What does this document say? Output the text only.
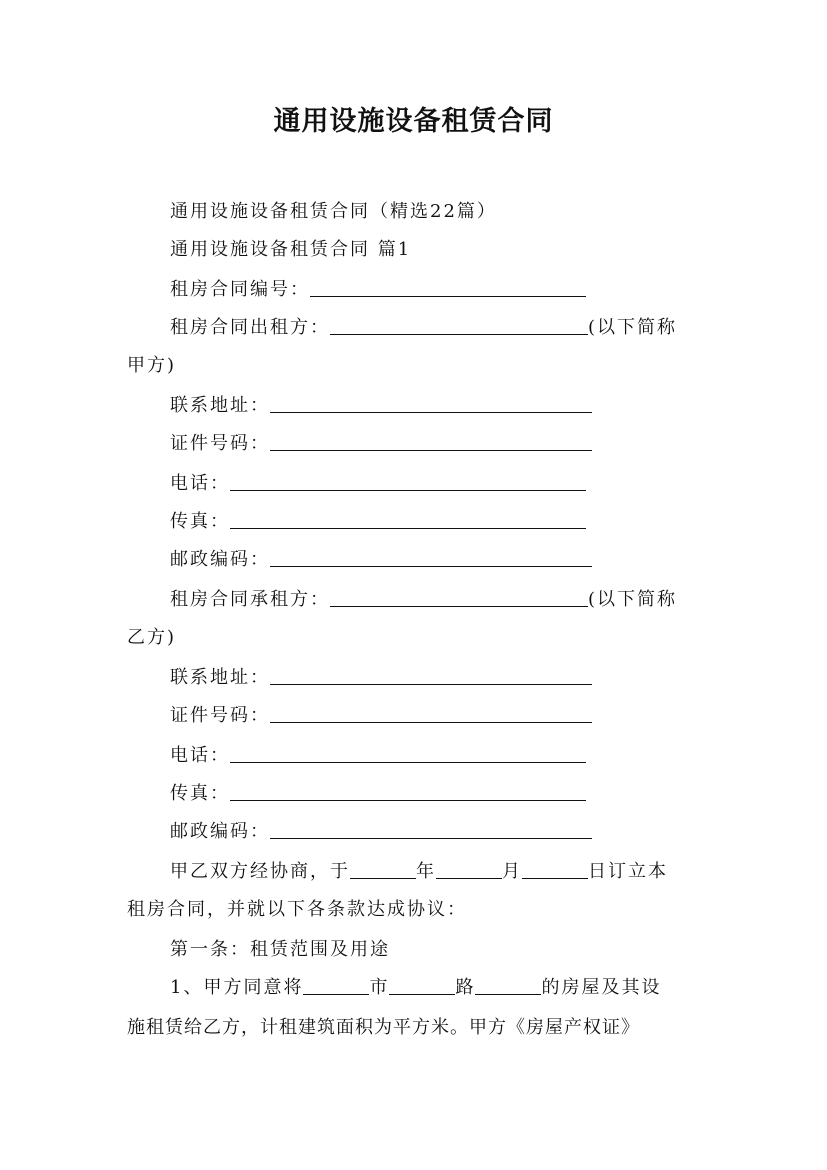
通用设施设备租赁合同
通用设施设备租赁合同（精选22篇）
通用设施设备租赁合同 篇1
租房合同编号：
租房合同出租方：	(以下简称
甲方)
联系地址：
证件号码：
电话：
传真：
邮政编码：
租房合同承租方：	(以下简称
乙方)
联系地址：
证件号码：
电话：
传真：
邮政编码：
甲乙双方经协商，于	年	月	日订立本
租房合同，并就以下各条款达成协议：
第一条：租赁范围及用途
1、甲方同意将	市	路	的房屋及其设
施租赁给乙方，计租建筑面积为平方米。甲方《房屋产权证》
